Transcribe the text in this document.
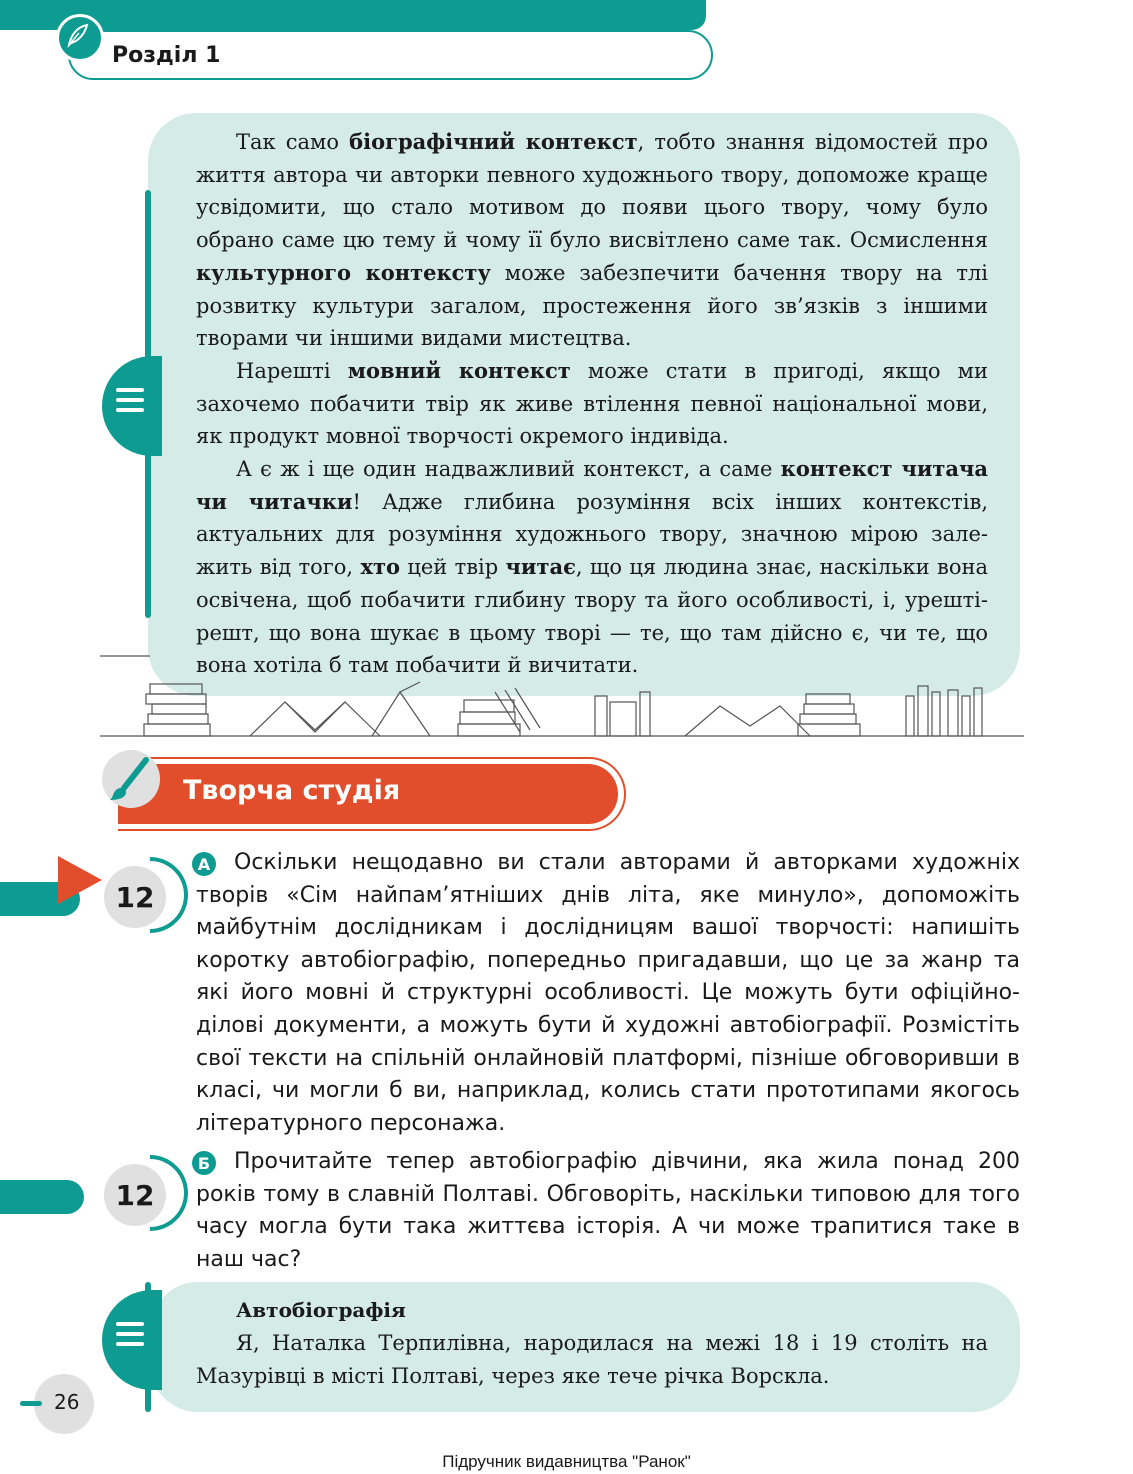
Розділ 1

Так само біографічний контекст, тобто знання відомостей про життя автора чи авторки певного художнього твору, допоможе краще усвідомити, що стало мотивом до появи цього твору, чому було обрано саме цю тему й чому її було висвітлено саме так. Осмислення культурного контексту може забезпечити бачення твору на тлі розвитку культури загалом, простеження його зв’язків з іншими творами чи іншими видами мистецтва.

Нарешті мовний контекст може стати в пригоді, якщо ми захочемо побачити твір як живе втілення певної національної мови, як продукт мовної творчості окремого індивіда.

А є ж і ще один надважливий контекст, а саме контекст читача чи читачки! Адже глибина розуміння всіх інших контекстів, актуальних для розуміння художнього твору, значною мірою залежить від того, хто цей твір читає, що ця людина знає, наскільки вона освічена, щоб побачити глибину твору та його особливості, і, урешті-решт, що вона шукає в цьому творі — те, що там дійсно є, чи те, що вона хотіла б там побачити й вичитати.

Творча студія
12
А	Оскільки нещодавно ви стали авторами й авторками художніх творів «Сім найпам’ятніших днів літа, яке минуло», допоможіть майбутнім дослідникам і дослідницям вашої творчості: напишіть коротку автобіографію, попередньо пригадавши, що це за жанр та які його мовні й структурні особливості. Це можуть бути офіційно-ділові документи, а можуть бути й художні автобіографії. Розмістіть свої тексти на спільній онлайновій платформі, пізніше обговоривши в класі, чи могли б ви, наприклад, колись стати прототипами якогось літературного персонажа.

12
Б	Прочитайте тепер автобіографію дівчини, яка жила понад 200 років тому в славній Полтаві. Обговоріть, наскільки типовою для того часу могла бути така життєва історія. А чи може трапитися таке в наш час?

Автобіографія

Я, Наталка Терпилівна, народилася на межі 18 і 19 століть на Мазурівці в місті Полтаві, через яке тече річка Ворскла.

26
Підручник видавництва "Ранок"
